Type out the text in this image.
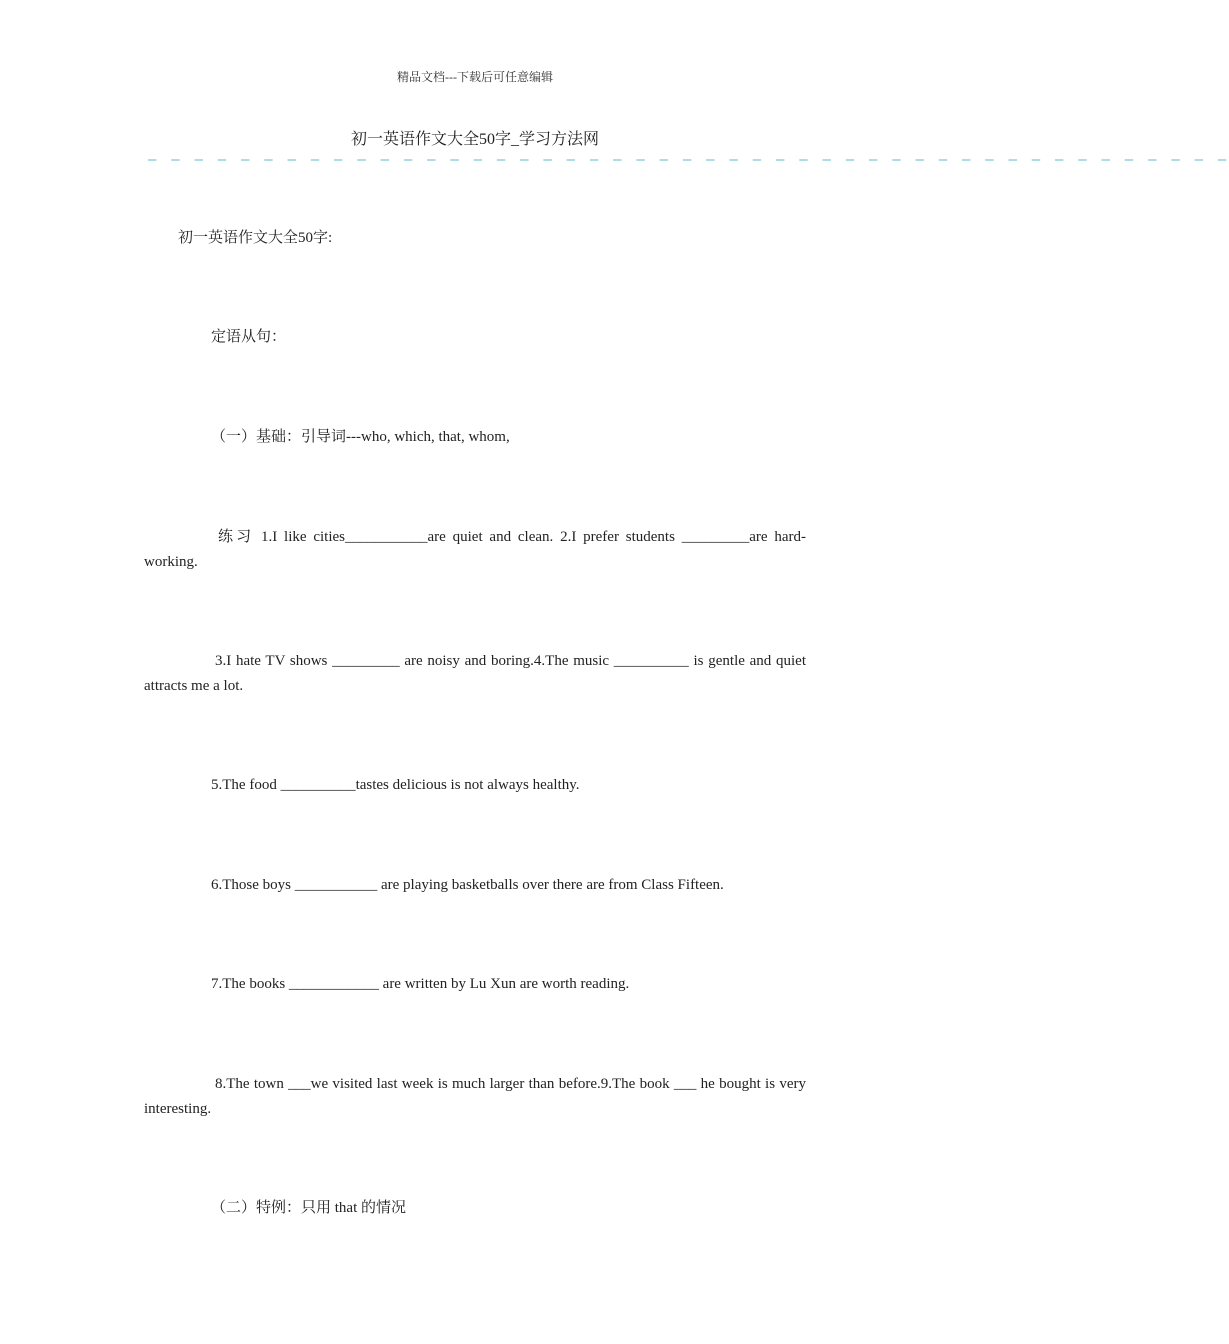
精品文档---下载后可任意编辑
初一英语作文大全50字_学习方法网
— — — — — — — — — — — — — — — — — — — — — — — — — — — — — — — — — — — — — — — — — — — — — — —
初一英语作文大全50字:
定语从句：
（一）基础：引导词---who, which, that, whom,
练习 1.I like cities___________are quiet and clean. 2.I prefer students _________are hard- working.
3.I hate TV shows _________ are noisy and boring.4.The music __________ is gentle and quiet attracts me a lot.
5.The food __________tastes delicious is not always healthy.
6.Those boys ___________ are playing basketballs over there are from Class Fifteen.
7.The books ____________ are written by Lu Xun are worth reading.
8.The town ___we visited last week is much larger than before.9.The book ___ he bought is very interesting.
（二）特例：只用 that 的情况
